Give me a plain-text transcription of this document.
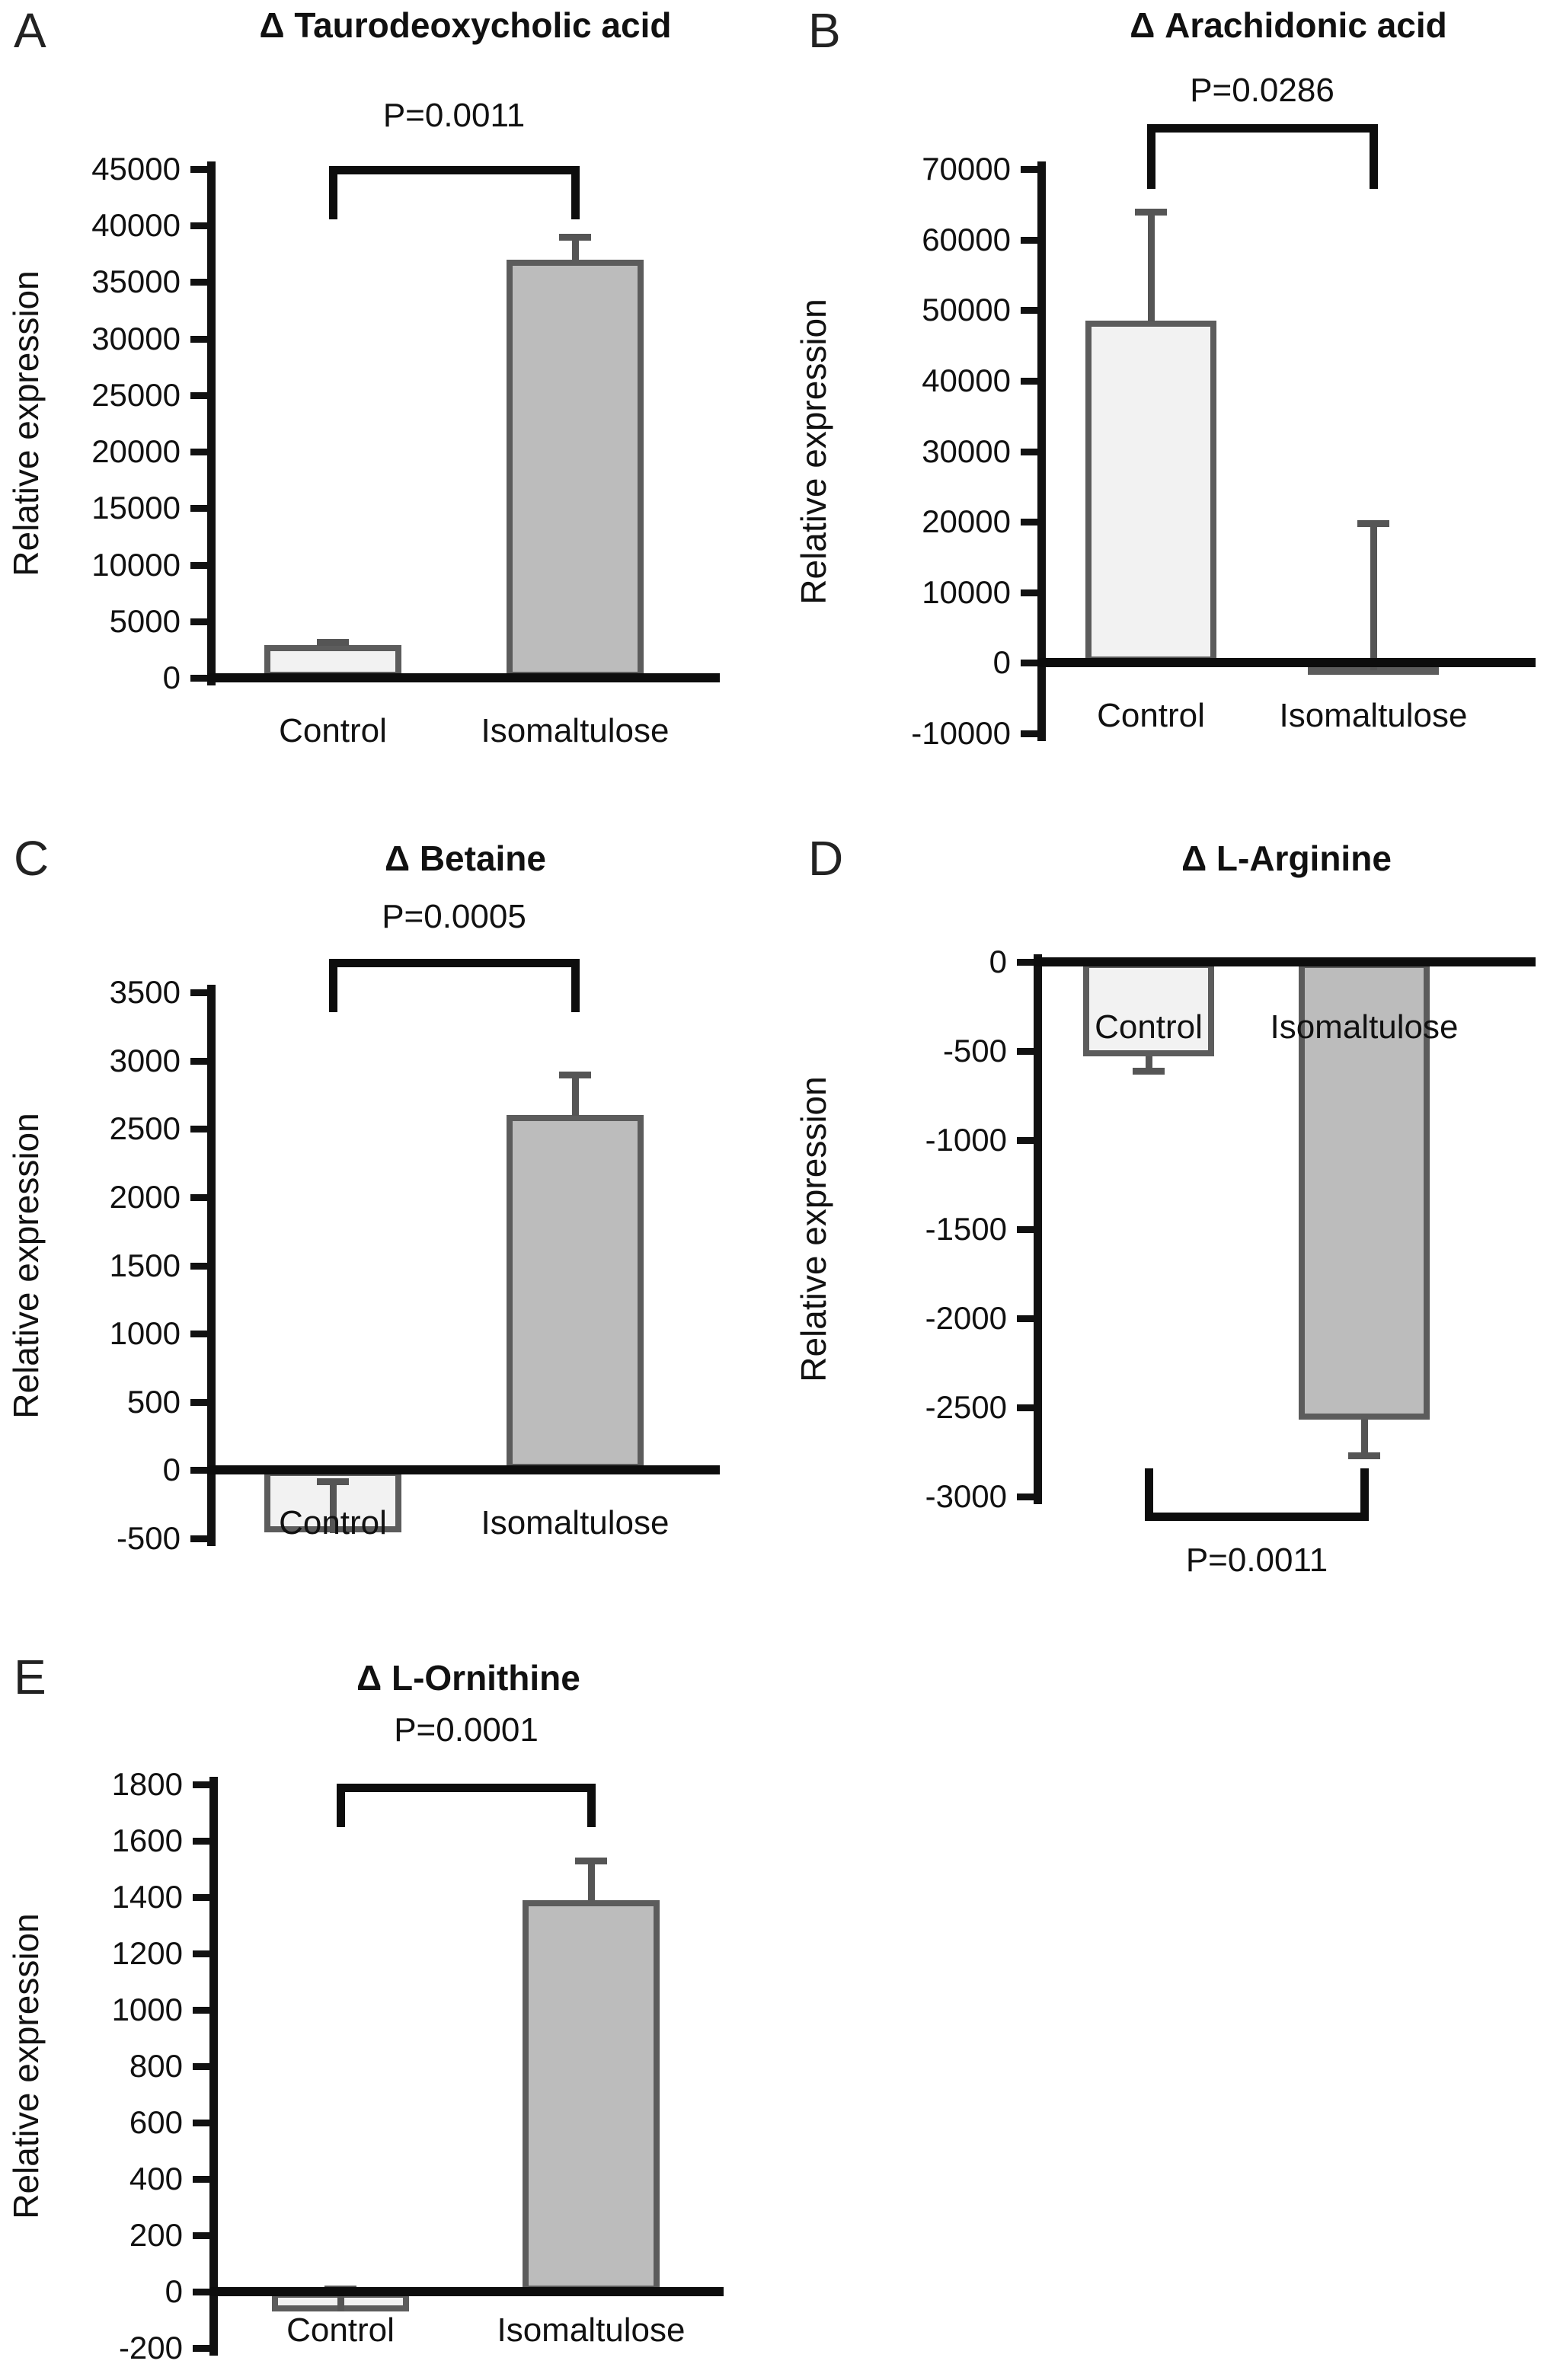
A	Δ Taurodeoxycholic acid
P=0.0011
Relative expression
45000
40000
35000
30000
25000
20000
15000
10000
5000
0
Control	Isomaltulose
B	Δ Arachidonic acid
P=0.0286
Relative expression
70000
60000
50000
40000
30000
20000
10000
0
-10000	Control	Isomaltulose
C	Δ Betaine
P=0.0005
Relative expression
3500
3000
2500
2000
1500
1000
500
0
-500	Control	Isomaltulose
D	Δ L-Arginine
P=0.0011
Relative expression
0
-500
-1000
-1500
-2000
-2500
-3000
Control	Isomaltulose
E	Δ L-Ornithine
P=0.0001
Relative expression
1800
1600
1400
1200
1000
800
600
400
200
0
-200	Control	Isomaltulose
